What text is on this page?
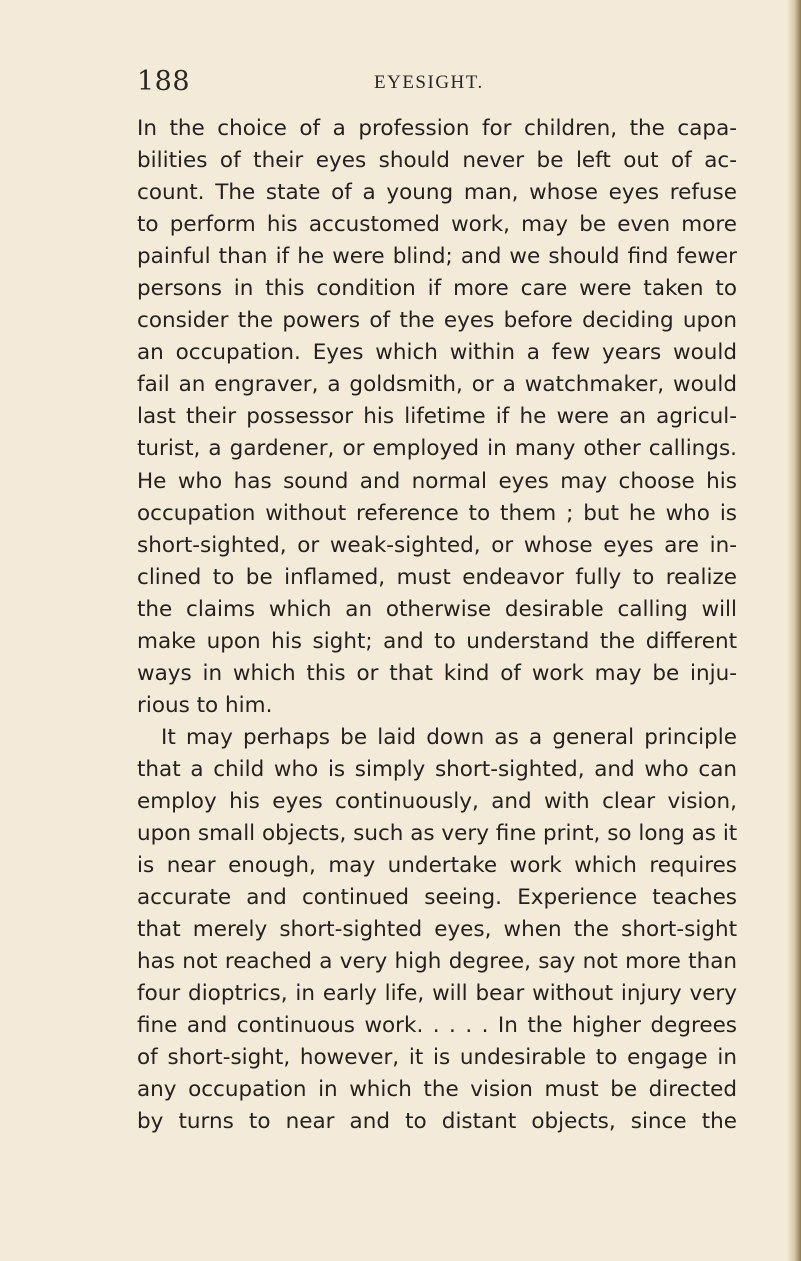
188	EYESIGHT.
In the choice of a profession for children, the capa-
bilities of their eyes should never be left out of ac-
count. The state of a young man, whose eyes refuse
to perform his accustomed work, may be even more
painful than if he were blind; and we should find fewer
persons in this condition if more care were taken to
consider the powers of the eyes before deciding upon
an occupation. Eyes which within a few years would
fail an engraver, a goldsmith, or a watchmaker, would
last their possessor his lifetime if he were an agricul-
turist, a gardener, or employed in many other callings.
He who has sound and normal eyes may choose his
occupation without reference to them ; but he who is
short-sighted, or weak-sighted, or whose eyes are in-
clined to be inflamed, must endeavor fully to realize
the claims which an otherwise desirable calling will
make upon his sight; and to understand the different
ways in which this or that kind of work may be inju-
rious to him.
It may perhaps be laid down as a general principle
that a child who is simply short-sighted, and who can
employ his eyes continuously, and with clear vision,
upon small objects, such as very fine print, so long as it
is near enough, may undertake work which requires
accurate and continued seeing. Experience teaches
that merely short-sighted eyes, when the short-sight
has not reached a very high degree, say not more than
four dioptrics, in early life, will bear without injury very
fine and continuous work. . . . . In the higher degrees
of short-sight, however, it is undesirable to engage in
any occupation in which the vision must be directed
by turns to near and to distant objects, since the
